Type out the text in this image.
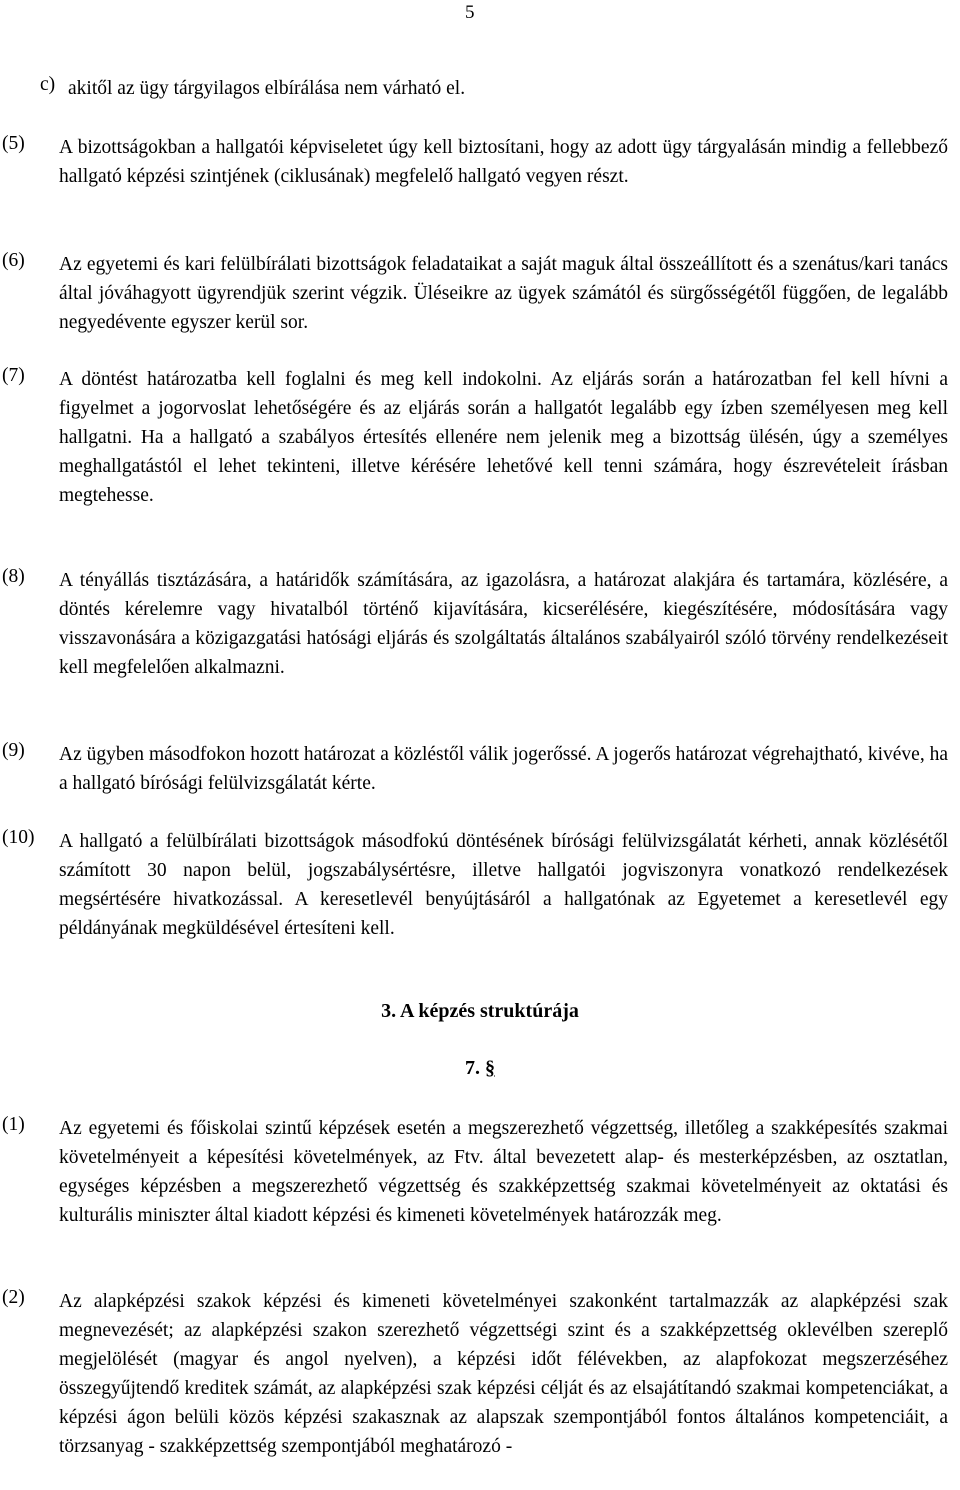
5
c) akitől az ügy tárgyilagos elbírálása nem várható el.
(5) A bizottságokban a hallgatói képviseletet úgy kell biztosítani, hogy az adott ügy tárgyalásán mindig a fellebbező hallgató képzési szintjének (ciklusának) megfelelő hallgató vegyen részt.
(6) Az egyetemi és kari felülbírálati bizottságok feladataikat a saját maguk által összeállított és a szenátus/kari tanács által jóváhagyott ügyrendjük szerint végzik. Üléseikre az ügyek számától és sürgősségétől függően, de legalább negyedévente egyszer kerül sor.
(7) A döntést határozatba kell foglalni és meg kell indokolni. Az eljárás során a határozatban fel kell hívni a figyelmet a jogorvoslat lehetőségére és az eljárás során a hallgatót legalább egy ízben személyesen meg kell hallgatni. Ha a hallgató a szabályos értesítés ellenére nem jelenik meg a bizottság ülésén, úgy a személyes meghallgatástól el lehet tekinteni, illetve kérésére lehetővé kell tenni számára, hogy észrevételeit írásban megtehesse.
(8) A tényállás tisztázására, a határidők számítására, az igazolásra, a határozat alakjára és tartamára, közlésére, a döntés kérelemre vagy hivatalból történő kijavítására, kicserélésére, kiegészítésére, módosítására vagy visszavonására a közigazgatási hatósági eljárás és szolgáltatás általános szabályairól szóló törvény rendelkezéseit kell megfelelően alkalmazni.
(9) Az ügyben másodfokon hozott határozat a közléstől válik jogerőssé. A jogerős határozat végrehajtható, kivéve, ha a hallgató bírósági felülvizsgálatát kérte.
(10) A hallgató a felülbírálati bizottságok másodfokú döntésének bírósági felülvizsgálatát kérheti, annak közlésétől számított 30 napon belül, jogszabálysértésre, illetve hallgatói jogviszonyra vonatkozó rendelkezések megsértésére hivatkozással. A keresetlevél benyújtásáról a hallgatónak az Egyetemet a keresetlevél egy példányának megküldésével értesíteni kell.
3. A képzés struktúrája
7. §
(1) Az egyetemi és főiskolai szintű képzések esetén a megszerezhető végzettség, illetőleg a szakképesítés szakmai követelményeit a képesítési követelmények, az Ftv. által bevezetett alap- és mesterképzésben, az osztatlan, egységes képzésben a megszerezhető végzettség és szakképzettség szakmai követelményeit az oktatási és kulturális miniszter által kiadott képzési és kimeneti követelmények határozzák meg.
(2) Az alapképzési szakok képzési és kimeneti követelményei szakonként tartalmazzák az alapképzési szak megnevezését; az alapképzési szakon szerezhető végzettségi szint és a szakképzettség oklevélben szereplő megjelölését (magyar és angol nyelven), a képzési időt félévekben, az alapfokozat megszerzéséhez összegyűjtendő kreditek számát, az alapképzési szak képzési célját és az elsajátítandó szakmai kompetenciákat, a képzési ágon belüli közös képzési szakasznak az alapszak szempontjából fontos általános kompetenciáit, a törzsanyag - szakképzettség szempontjából meghatározó -
